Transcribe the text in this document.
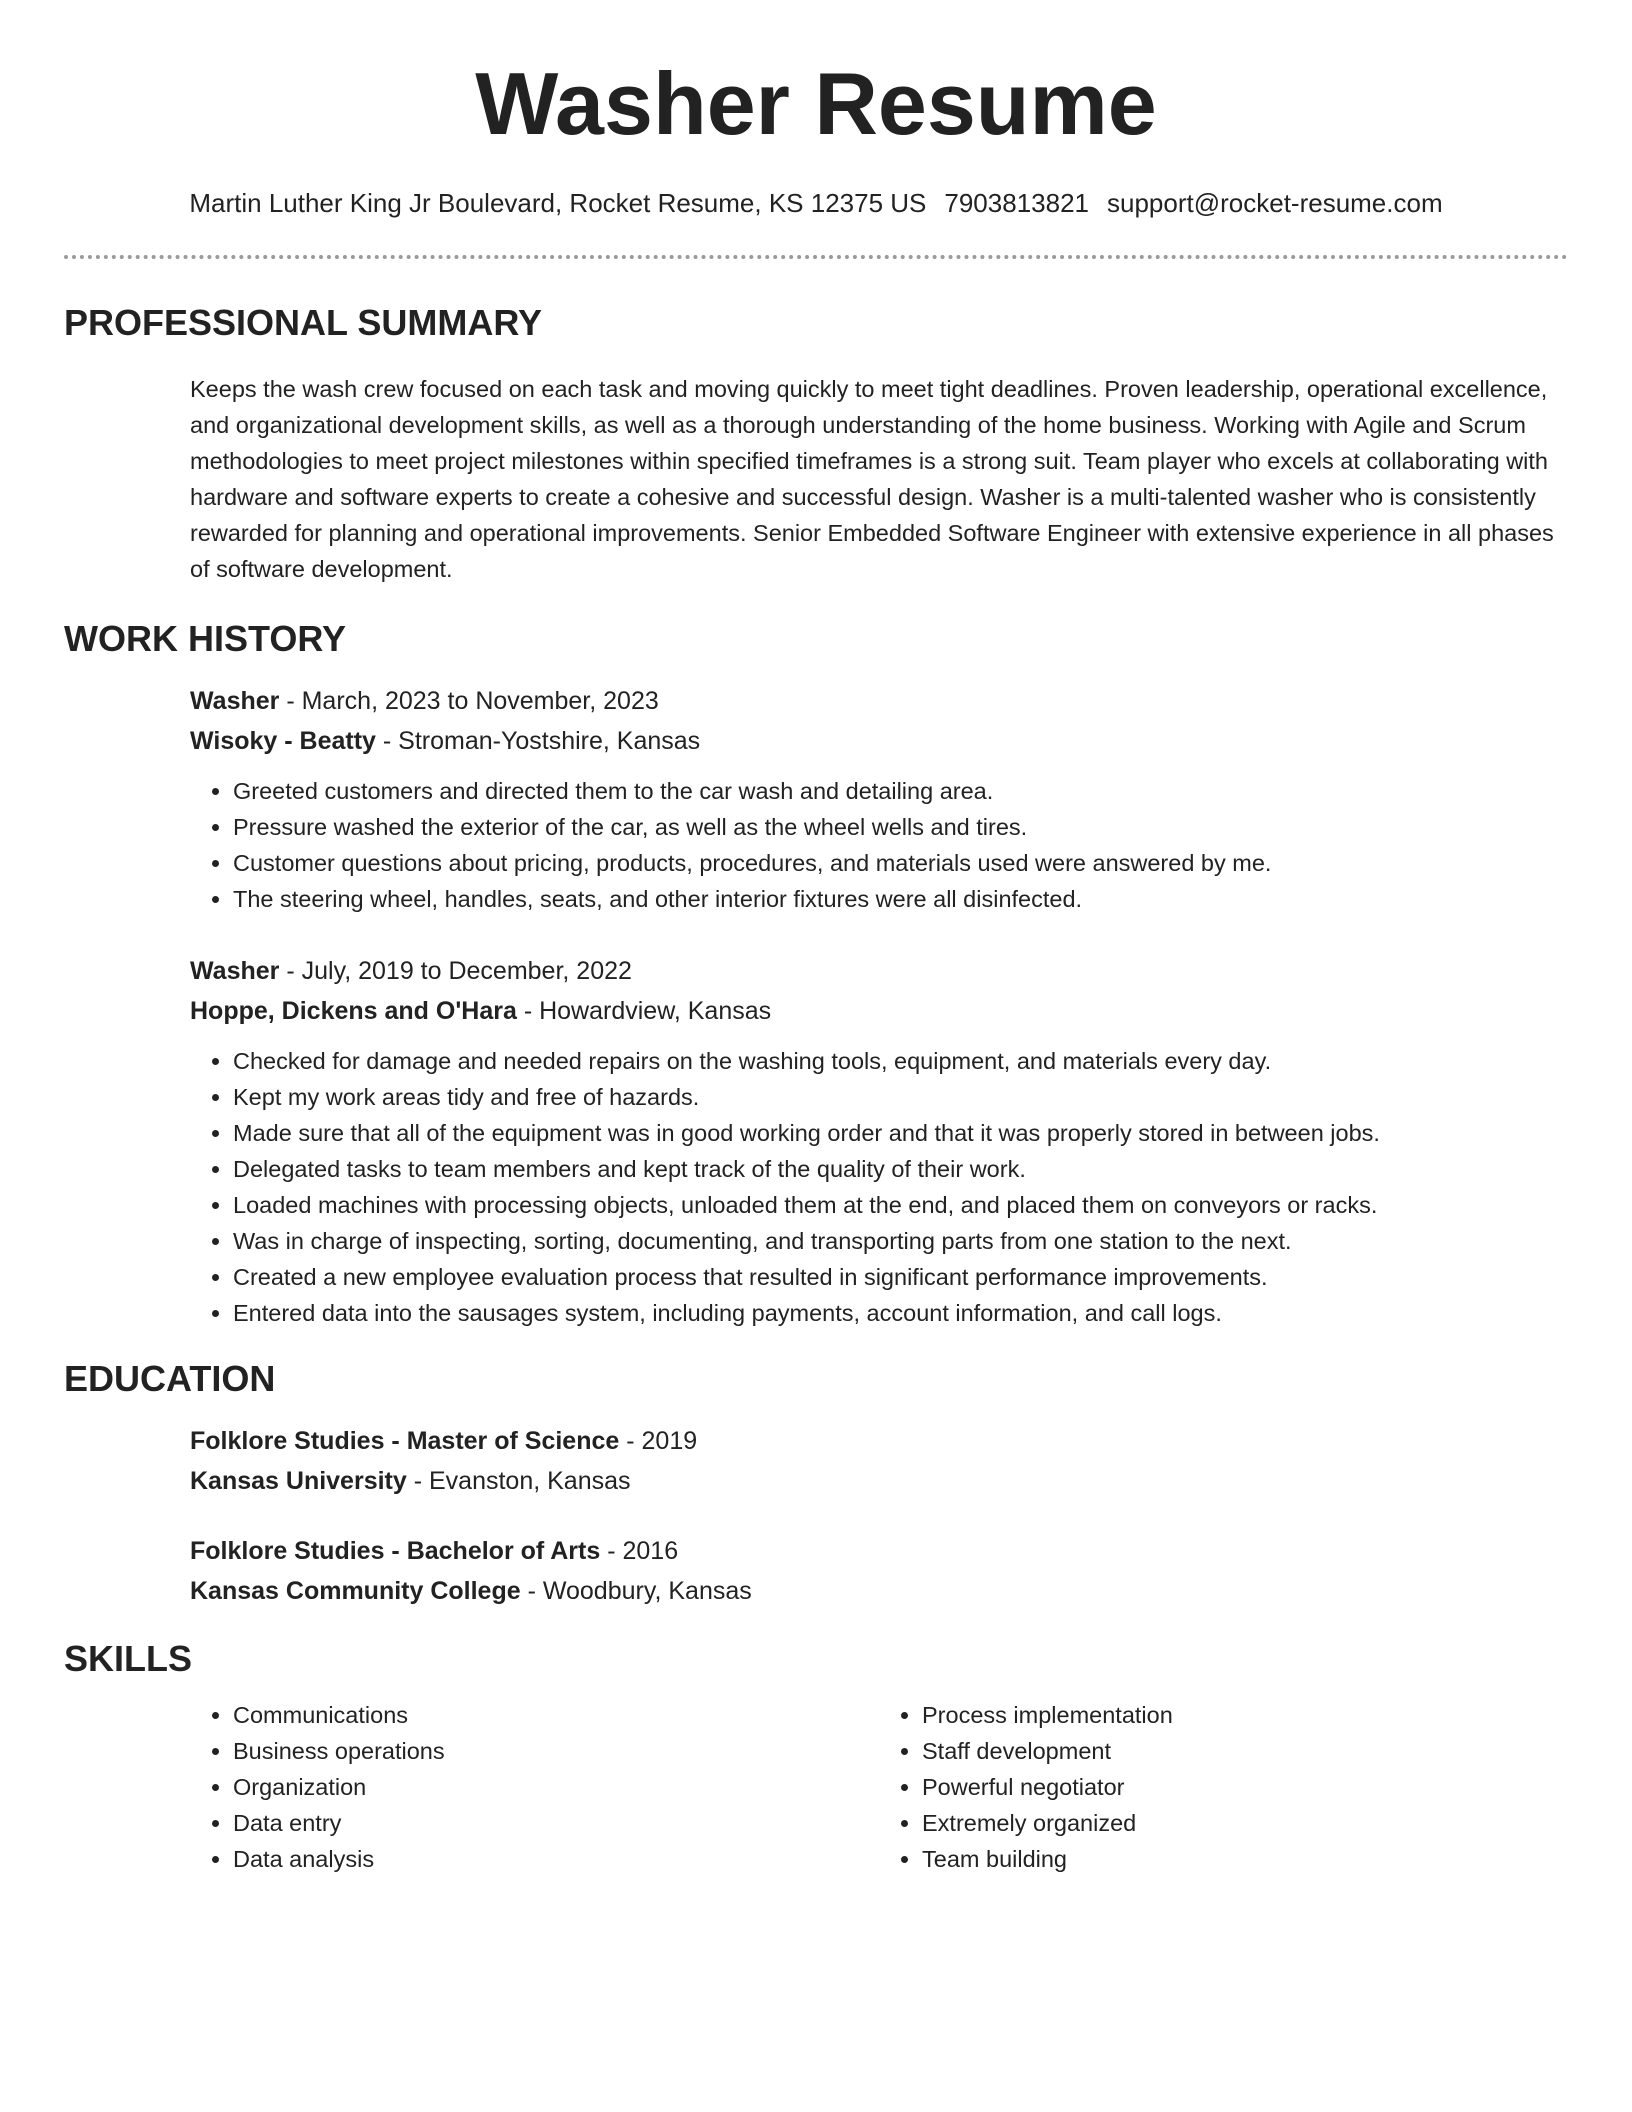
Washer Resume
Martin Luther King Jr Boulevard, Rocket Resume, KS 12375 US 7903813821 support@rocket-resume.com
PROFESSIONAL SUMMARY

Keeps the wash crew focused on each task and moving quickly to meet tight deadlines. Proven leadership, operational excellence, and organizational development skills, as well as a thorough understanding of the home business. Working with Agile and Scrum methodologies to meet project milestones within specified timeframes is a strong suit. Team player who excels at collaborating with hardware and software experts to create a cohesive and successful design. Washer is a multi-talented washer who is consistently rewarded for planning and operational improvements. Senior Embedded Software Engineer with extensive experience in all phases of software development.

WORK HISTORY
Washer - March, 2023 to November, 2023
Wisoky - Beatty - Stroman-Yostshire, Kansas
• Greeted customers and directed them to the car wash and detailing area.
• Pressure washed the exterior of the car, as well as the wheel wells and tires.
• Customer questions about pricing, products, procedures, and materials used were answered by me.
• The steering wheel, handles, seats, and other interior fixtures were all disinfected.
Washer - July, 2019 to December, 2022
Hoppe, Dickens and O'Hara - Howardview, Kansas
• Checked for damage and needed repairs on the washing tools, equipment, and materials every day.
• Kept my work areas tidy and free of hazards.
• Made sure that all of the equipment was in good working order and that it was properly stored in between jobs.
• Delegated tasks to team members and kept track of the quality of their work.
• Loaded machines with processing objects, unloaded them at the end, and placed them on conveyors or racks.
• Was in charge of inspecting, sorting, documenting, and transporting parts from one station to the next.
• Created a new employee evaluation process that resulted in significant performance improvements.
• Entered data into the sausages system, including payments, account information, and call logs.
EDUCATION
Folklore Studies - Master of Science - 2019
Kansas University - Evanston, Kansas
Folklore Studies - Bachelor of Arts - 2016
Kansas Community College - Woodbury, Kansas
SKILLS
• Communications
• Business operations
• Organization
• Data entry
• Data analysis
• Process implementation
• Staff development
• Powerful negotiator
• Extremely organized
• Team building
